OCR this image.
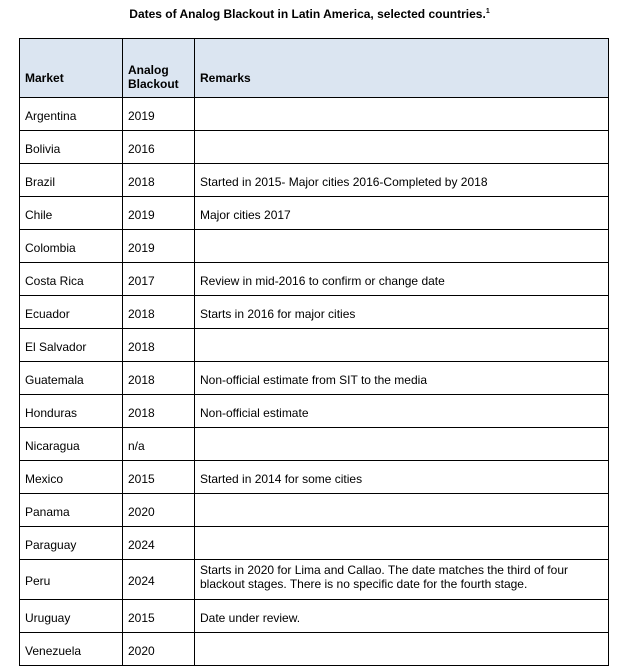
Dates of Analog Blackout in Latin America, selected countries.$^1$
Market	Analog Blackout	Remarks
Argentina	2019	
Bolivia	2016	
Brazil	2018	Started in 2015- Major cities 2016-Completed by 2018
Chile	2019	Major cities 2017
Colombia	2019	
Costa Rica	2017	Review in mid-2016 to confirm or change date
Ecuador	2018	Starts in 2016 for major cities
El Salvador	2018	
Guatemala	2018	Non-official estimate from SIT to the media
Honduras	2018	Non-official estimate
Nicaragua	n/a	
Mexico	2015	Started in 2014 for some cities
Panama	2020	
Paraguay	2024	
Peru	2024	Starts in 2020 for Lima and Callao. The date matches the third of four blackout stages. There is no specific date for the fourth stage.
Uruguay	2015	Date under review.
Venezuela	2020	
